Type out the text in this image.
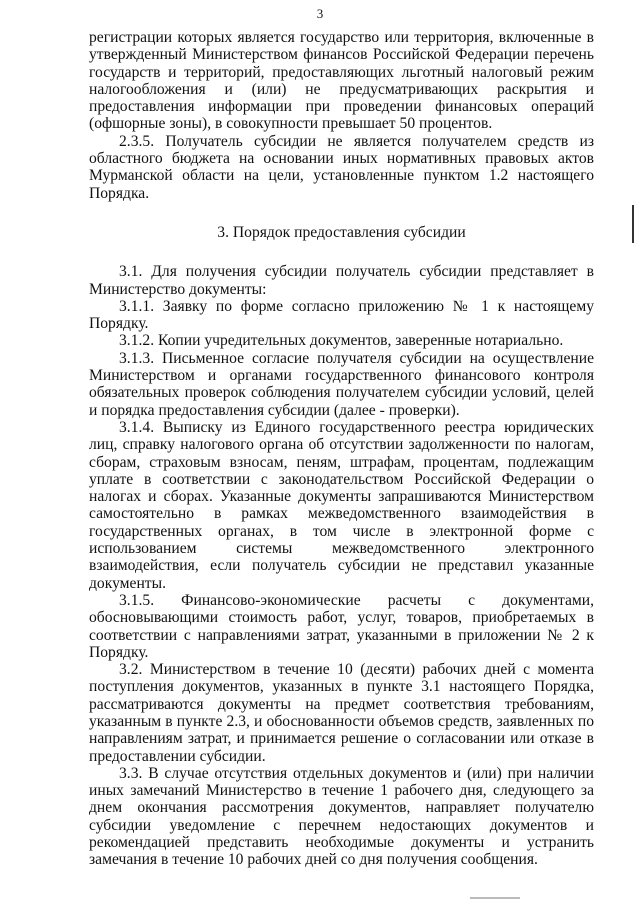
3

регистрации которых является государство или территория, включенные в утвержденный Министерством финансов Российской Федерации перечень государств и территорий, предоставляющих льготный налоговый режим налогообложения и (или) не предусматривающих раскрытия и предоставления информации при проведении финансовых операций (офшорные зоны), в совокупности превышает 50 процентов.

2.3.5. Получатель субсидии не является получателем средств из областного бюджета на основании иных нормативных правовых актов Мурманской области на цели, установленные пунктом 1.2 настоящего Порядка.

3. Порядок предоставления субсидии

3.1. Для получения субсидии получатель субсидии представляет в Министерство документы:

3.1.1. Заявку по форме согласно приложению № 1 к настоящему Порядку.

3.1.2. Копии учредительных документов, заверенные нотариально.

3.1.3. Письменное согласие получателя субсидии на осуществление Министерством и органами государственного финансового контроля обязательных проверок соблюдения получателем субсидии условий, целей и порядка предоставления субсидии (далее - проверки).

3.1.4. Выписку из Единого государственного реестра юридических лиц, справку налогового органа об отсутствии задолженности по налогам, сборам, страховым взносам, пеням, штрафам, процентам, подлежащим уплате в соответствии с законодательством Российской Федерации о налогах и сборах. Указанные документы запрашиваются Министерством самостоятельно в рамках межведомственного взаимодействия в государственных органах, в том числе в электронной форме с использованием системы межведомственного электронного взаимодействия, если получатель субсидии не представил указанные документы.

3.1.5. Финансово-экономические расчеты с документами, обосновывающими стоимость работ, услуг, товаров, приобретаемых в соответствии с направлениями затрат, указанными в приложении № 2 к Порядку.

3.2. Министерством в течение 10 (десяти) рабочих дней с момента поступления документов, указанных в пункте 3.1 настоящего Порядка, рассматриваются документы на предмет соответствия требованиям, указанным в пункте 2.3, и обоснованности объемов средств, заявленных по направлениям затрат, и принимается решение о согласовании или отказе в предоставлении субсидии.

3.3. В случае отсутствия отдельных документов и (или) при наличии иных замечаний Министерство в течение 1 рабочего дня, следующего за днем окончания рассмотрения документов, направляет получателю субсидии уведомление с перечнем недостающих документов и рекомендацией представить необходимые документы и устранить замечания в течение 10 рабочих дней со дня получения сообщения.
